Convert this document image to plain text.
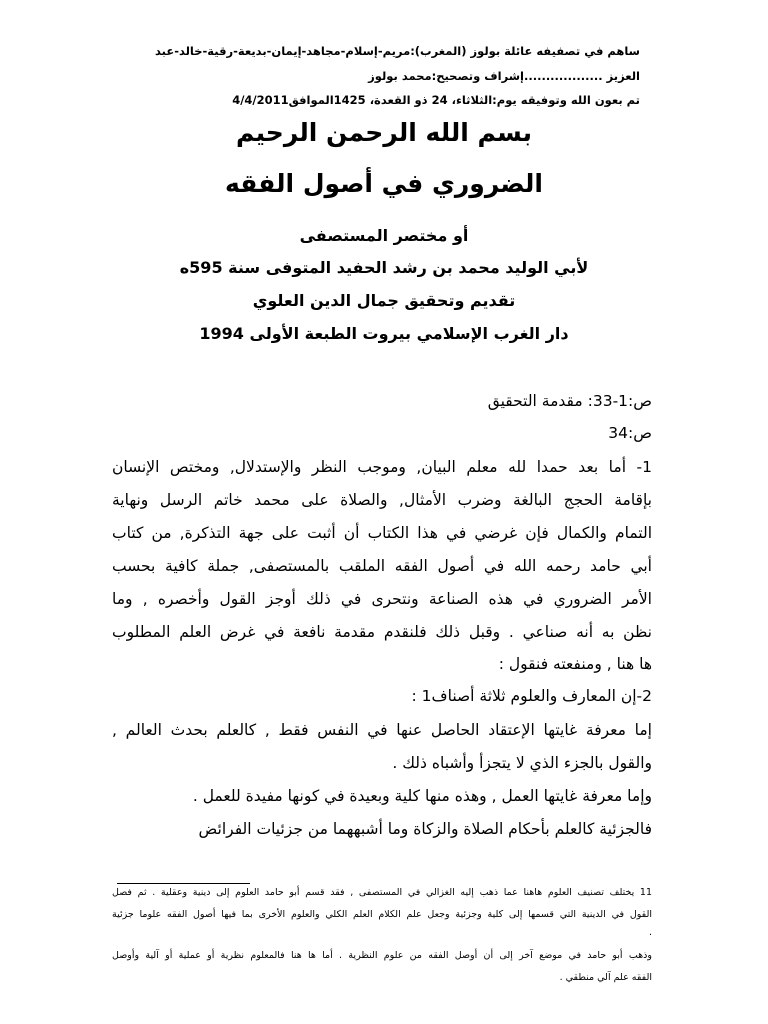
ساهم في تصفيفه عائلة بولوز (المغرب):مريم-إسلام-مجاهد-إيمان-بديعة-رقية-خالد-عبد
العزيز ..................إشراف وتصحيح:محمد بولوز
تم بعون الله وتوفيقه يوم:الثلاثاء، 24 ذو القعدة، 1425الموافق4/4/2011
بسم الله الرحمن الرحيم
الضروري في أصول الفقه
أو مختصر المستصفى
لأبي الوليد محمد بن رشد الحفيد المتوفى سنة 595ه
تقديم وتحقيق جمال الدين العلوي
دار الغرب الإسلامي بيروت الطبعة الأولى 1994
ص:1-33: مقدمة التحقيق
ص:34
1- أما بعد حمدا لله معلم البيان, وموجب النظر والإستدلال, ومختص الإنسان
بإقامة الحجج البالغة وضرب الأمثال, والصلاة على محمد خاتم الرسل ونهاية
التمام والكمال فإن غرضي في هذا الكتاب أن أثبت على جهة التذكرة, من كتاب
أبي حامد رحمه الله في أصول الفقه الملقب بالمستصفى, جملة كافية بحسب
الأمر الضروري في هذه الصناعة ونتحرى في ذلك أوجز القول وأخصره , وما
نظن به أنه صناعي . وقبل ذلك فلنقدم مقدمة نافعة في غرض العلم المطلوب
ها هنا , ومنفعته فنقول :
2-إن المعارف والعلوم ثلاثة أصناف1 :
إما معرفة غايتها الإعتقاد الحاصل عنها في النفس فقط , كالعلم بحدث العالم ,
والقول بالجزء الذي لا يتجزأ وأشباه ذلك .
وإما معرفة غايتها العمل , وهذه منها كلية وبعيدة في كونها مفيدة للعمل .
فالجزئية كالعلم بأحكام الصلاة والزكاة وما أشبههما من جزئيات الفرائض
11 يختلف تصنيف العلوم هاهنا عما ذهب إليه الغزالي في المستصفى , فقد قسم أبو حامد العلوم إلى دينية وعقلية . ثم فصل
القول في الدينية التي قسمها إلى كلية وجزئية وجعل علم الكلام العلم الكلي والعلوم الأخرى بما فيها أصول الفقه علوما جزئية
.
وذهب أبو حامد في موضع آخر إلى أن أوصل الفقه من علوم النظرية . أما ها هنا فالمعلوم نظرية أو عملية أو آلية وأوصل
الفقه علم آلي منطقي .
